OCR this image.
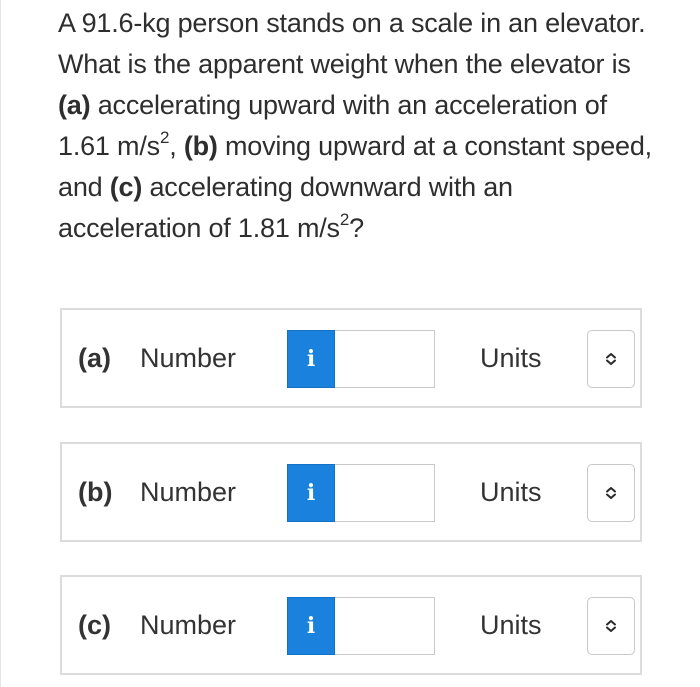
A 91.6-kg person stands on a scale in an elevator. What is the apparent weight when the elevator is (a) accelerating upward with an acceleration of 1.61 $m/s^2$, (b) moving upward at a constant speed, and (c) accelerating downward with an acceleration of 1.81 $m/s^2$?
(a) Number	i	Units
(b) Number	i	Units
(c) Number	i	Units
